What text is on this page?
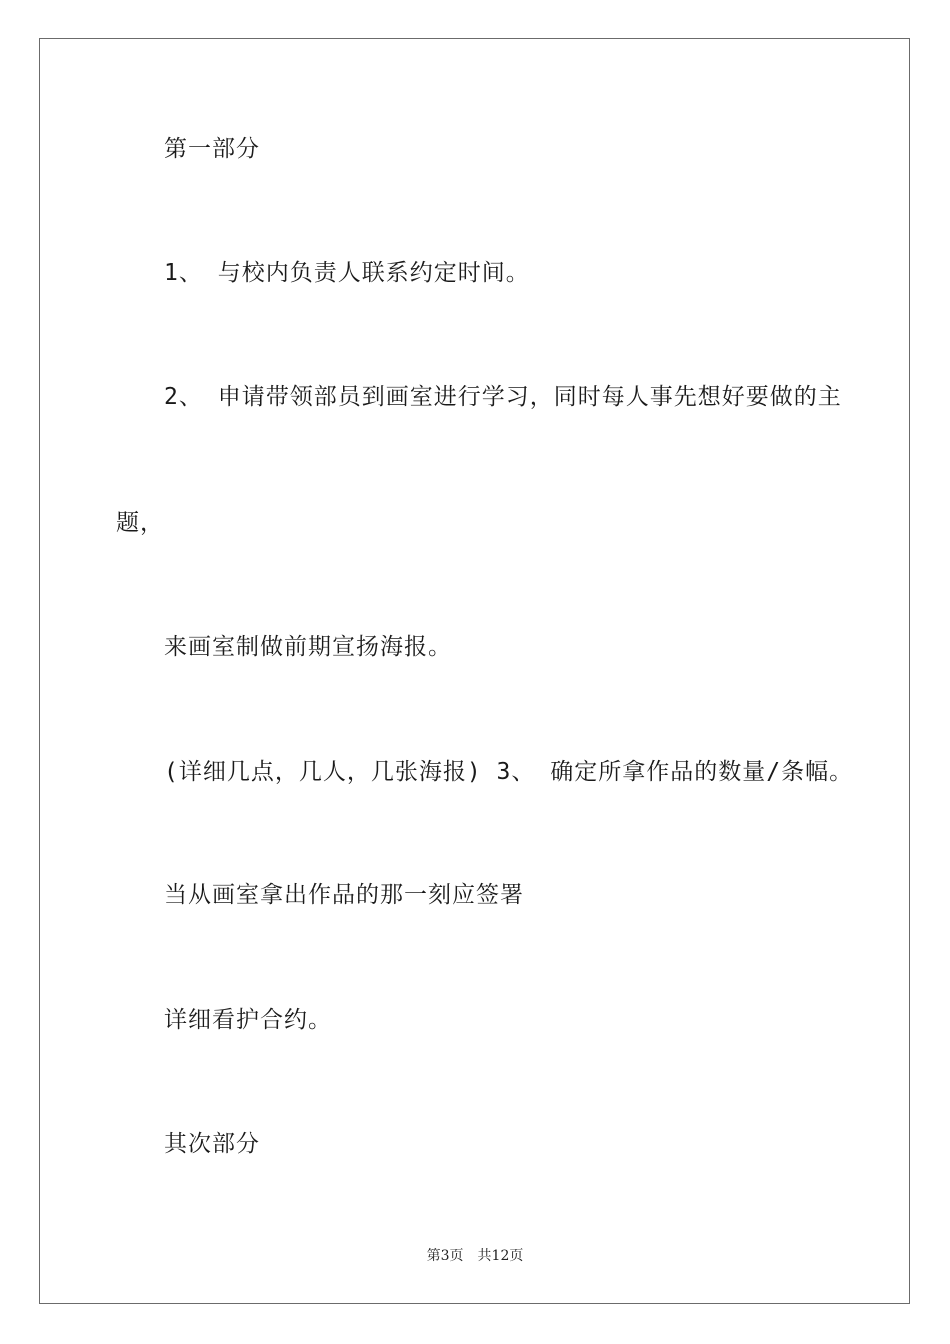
第一部分
1、 与校内负责人联系约定时间。
2、 申请带领部员到画室进行学习，同时每人事先想好要做的主
题，
来画室制做前期宣扬海报。
(详细几点，几人，几张海报) 3、 确定所拿作品的数量/条幅。
当从画室拿出作品的那一刻应签署
详细看护合约。
其次部分
第3页 共12页
